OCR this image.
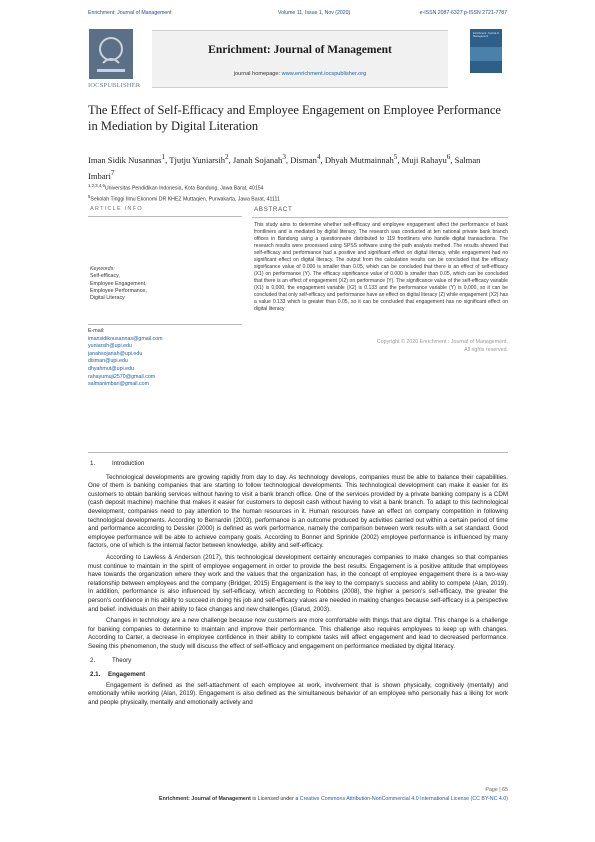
Enrichment: Journal of Management	Volume 11, Issue 1, Nov (2020)	e-ISSN 2087-6327 p-ISSN 2721-7787
IOCSPUBLISHER
Enrichment: Journal of Management
journal homepage: www.enrichment.iocspublisher.org
Enrichment: Journal of Management
The Effect of Self-Efficacy and Employee Engagement on Employee Performance in Mediation by Digital Literation
Iman Sidik Nusannas$^1$, Tjutju Yuniarsih$^2$, Janah Sojanah$^3$, Disman$^4$, Dhyah Mutmainnah$^5$, Muji Rahayu$^6$, Salman Imbari$^7$
$^{1,2,3,4,6}$Universitas Pendidikan Indonesia, Kota Bandung, Jawa Barat, 40154
$^5$Sekolah Tinggi Ilmu Ekonomi DR KHEZ Muttaqien, Purwakarta, Jawa Barat, 41111
ARTICLE INFO
Keywords:
Self-efficacy,
Employee Engagement,
Employee Performance,
Digital Literacy
E-mail:
imansidiknusannas@gmail.com
yuniarsih@upi.edu
janahsojanah@upi.edu
disman@upi.edu
dhyahmut@upi.edu
rahayumuji2570@gmail.com
salmanimbari@gmail.com
ABSTRACT
This study aims to determine whether self-efficacy and employee engagement affect the performance of bank frontliners and is mediated by digital literacy. The research was conducted at ten national private bank branch offices in Bandung using a questionnaire distributed to 119 frontliners who handle digital transactions. The research results were processed using SPSS software using the path analysis method. The results showed that self-efficacy and performance had a positive and significant effect on digital literacy, while engagement had no significant effect on digital literacy. The output from the calculation results can be concluded that the efficacy significance value of 0.000 is smaller than 0.05, which can be concluded that there is an effect of self-efficacy (X1) on performance (Y). The efficacy significance value of 0.000 is smaller than 0.05, which can be concluded that there is an effect of engagement (X2) on performance (Y). The significance value of the self-efficacy variable (X1) is 0,000, the engagement variable (X2) is 0.133 and the performance variable (Y) is 0,000, so it can be concluded that only self-efficacy and performance have an effect on digital literacy (Z) while engagement (X2) has a value 0.133 which is greater than 0.05, so it can be concluded that engagement has no significant effect on digital literacy
Copyright © 2020 Enrichment : Journal of Management.
All rights reserved.
1.	Introduction

Technological developments are growing rapidly from day to day. As technology develops, companies must be able to balance their capabilities. One of them is banking companies that are starting to follow technological developments. This technological development can make it easier for its customers to obtain banking services without having to visit a bank branch office. One of the services provided by a private banking company is a CDM (cash deposit machine) machine that makes it easier for customers to deposit cash without having to visit a bank branch. To adapt to this technological development, companies need to pay attention to the human resources in it. Human resources have an effect on company competition in following technological developments. According to Bernardin (2003), performance is an outcome produced by activities carried out within a certain period of time and performance according to Dessler (2000) is defined as work performance, namely the comparison between work results with a set standard. Good employee performance will be able to achieve company goals. According to Bonner and Sprinkle (2002) employee performance is influenced by many factors, one of which is the internal factor between knowledge, ability and self-efficacy.

According to Lawless & Anderson (2017), this technological development certainly encourages companies to make changes so that companies must continue to maintain in the spirit of employee engagement in order to provide the best results. Engagement is a positive attitude that employees have towards the organization where they work and the values that the organization has, in the concept of employee engagement there is a two-way relationship between employees and the company (Bridger, 2015) Engagement is the key to the company's success and ability to compete (Alan, 2019). In addition, performance is also influenced by self-efficacy, which according to Robbins (2008), the higher a person's self-efficacy, the greater the person's confidence in his ability to succeed in doing his job and self-efficacy values are needed in making changes because self-efficacy is a perspective and belief. individuals on their ability to face changes and new challenges (Garud, 2003).

Changes in technology are a new challenge because now customers are more comfortable with things that are digital. This change is a challenge for banking companies to determine to maintain and improve their performance. This challenge also requires employees to keep up with changes. According to Carter, a decrease in employee confidence in their ability to complete tasks will affect engagement and lead to decreased performance. Seeing this phenomenon, the study will discuss the effect of self-efficacy and engagement on performance mediated by digital literacy.

2.	Theory
2.1. Engagement

Engagement is defined as the self-attachment of each employee at work, involvement that is shown physically, cognitively (mentally) and emotionally while working (Alan, 2019). Engagement is also defined as the simultaneous behavior of an employee who personally has a liking for work and people physically, mentally and emotionally actively and

Page | 65
Enrichment: Journal of Management is Licensed under a Creative Commons Attribution-NonCommercial 4.0 International License (CC BY-NC 4.0)
